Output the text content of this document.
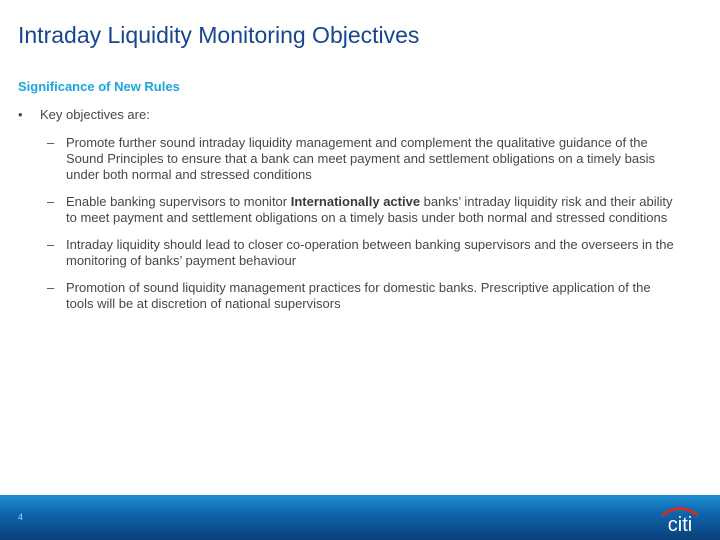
Intraday Liquidity Monitoring Objectives
Significance of New Rules
•	Key objectives are:
– Promote further sound intraday liquidity management and complement the qualitative guidance of the Sound Principles to ensure that a bank can meet payment and settlement obligations on a timely basis under both normal and stressed conditions
– Enable banking supervisors to monitor Internationally active banks’ intraday liquidity risk and their ability to meet payment and settlement obligations on a timely basis under both normal and stressed conditions
– Intraday liquidity should lead to closer co-operation between banking supervisors and the overseers in the monitoring of banks’ payment behaviour
– Promotion of sound liquidity management practices for domestic banks. Prescriptive application of the tools will be at discretion of national supervisors
4	citi
